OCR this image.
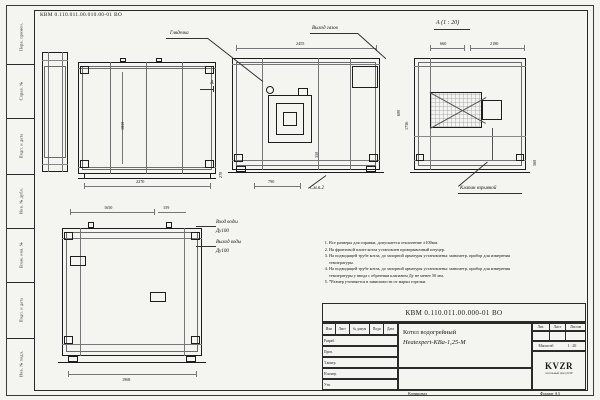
Перв. примен.
Справ. №
Подп. и дата
Инв. № дубл.
Взам. инв. №
Подп. и дата
Инв. № подл.
КВМ 0.110.011.00.010.00-01 ВО
1830
2270
А
2455
790
350
270
А (1 : 20)
660	2180
1736
600
560
Гляделка
Выход газов
См.п.2	Клапан взрывной
1650	159
1968
Вход воды
Ду100
Выход воды
Ду100
1. Все размеры для справки, допускается отклонение ±100мм.
2. На фронтовой плите котла установлен провзрывочный штуцер.
3. На подводящей трубе котла, до запорной арматуры установлены: манометр, прибор для измерения температуры.
4. На подводящей трубе котла, до запорной арматуры установлены: манометр, прибор для измерения температуры у вводa с обратным клапаном Ду не менее 50 мм.
5. *Размер уточняется в зависимости от марки горелки.
КВМ 0.110.011.00.000-01 ВО
Изм	Лист	№ докум	Подп	Дата
Разраб.
Пров.
Т.контр.
Н.контр.
Утв.
Котел водогрейный
Heatexpert-КВа-1,25-М
Лит.	Лист	Листов
Масштаб	1 : 20
KVZR
котельный завод КЗР
Копировал	Формат А3
